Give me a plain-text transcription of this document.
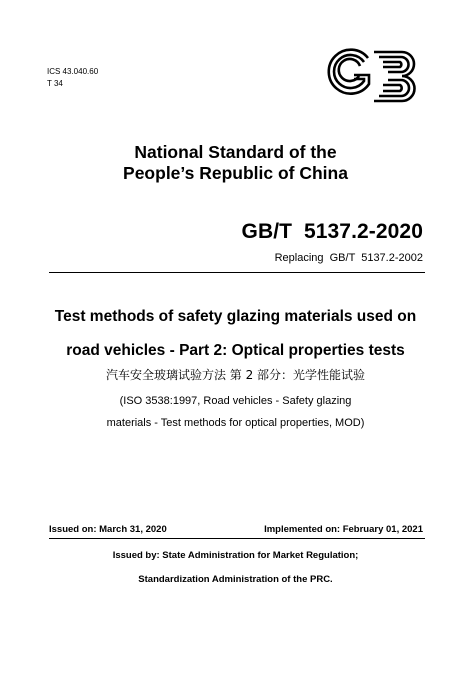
ICS 43.040.60
T 34
National Standard of the
People’s Republic of China
GB/T  5137.2-2020
Replacing  GB/T  5137.2-2002
Test methods of safety glazing materials used on
road vehicles - Part 2: Optical properties tests
汽车安全玻璃试验方法 第 2 部分：光学性能试验
(ISO 3538:1997, Road vehicles - Safety glazing
materials - Test methods for optical properties, MOD)
Issued on: March 31, 2020	Implemented on: February 01, 2021
Issued by: State Administration for Market Regulation;
Standardization Administration of the PRC.
